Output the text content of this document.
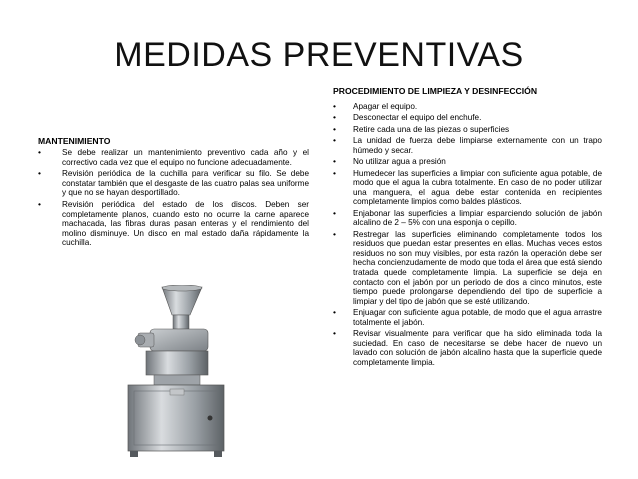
MEDIDAS PREVENTIVAS
MANTENIMIENTO
• Se debe realizar un mantenimiento preventivo cada año y el correctivo cada vez que el equipo no funcione adecuadamente.
• Revisión periódica de la cuchilla para verificar su filo. Se debe constatar también que el desgaste de las cuatro palas sea uniforme y que no se hayan desportillado.
• Revisión periódica del estado de los discos. Deben ser completamente planos, cuando esto no ocurre la carne aparece machacada, las fibras duras pasan enteras y el rendimiento del molino disminuye. Un disco en mal estado daña rápidamente la cuchilla.
PROCEDIMIENTO DE LIMPIEZA Y DESINFECCIÓN
• Apagar el equipo.
• Desconectar el equipo del enchufe.
• Retire cada una de las piezas o superficies
• La unidad de fuerza debe limpiarse externamente con un trapo húmedo y secar.
• No utilizar agua a presión
• Humedecer las superficies a limpiar con suficiente agua potable, de modo que el agua la cubra totalmente. En caso de no poder utilizar una manguera, el agua debe estar contenida en recipientes completamente limpios como baldes plásticos.
• Enjabonar las superficies a limpiar esparciendo solución de jabón alcalino de 2 – 5% con una esponja o cepillo.
• Restregar las superficies eliminando completamente todos los residuos que puedan estar presentes en ellas. Muchas veces estos residuos no son muy visibles, por esta razón la operación debe ser hecha concienzudamente de modo que toda el área que está siendo tratada quede completamente limpia. La superficie se deja en contacto con el jabón por un periodo de dos a cinco minutos, este tiempo puede prolongarse dependiendo del tipo de superficie a limpiar y del tipo de jabón que se esté utilizando.
• Enjuagar con suficiente agua potable, de modo que el agua arrastre totalmente el jabón.
• Revisar visualmente para verificar que ha sido eliminada toda la suciedad. En caso de necesitarse se debe hacer de nuevo un lavado con solución de jabón alcalino hasta que la superficie quede completamente limpia.
